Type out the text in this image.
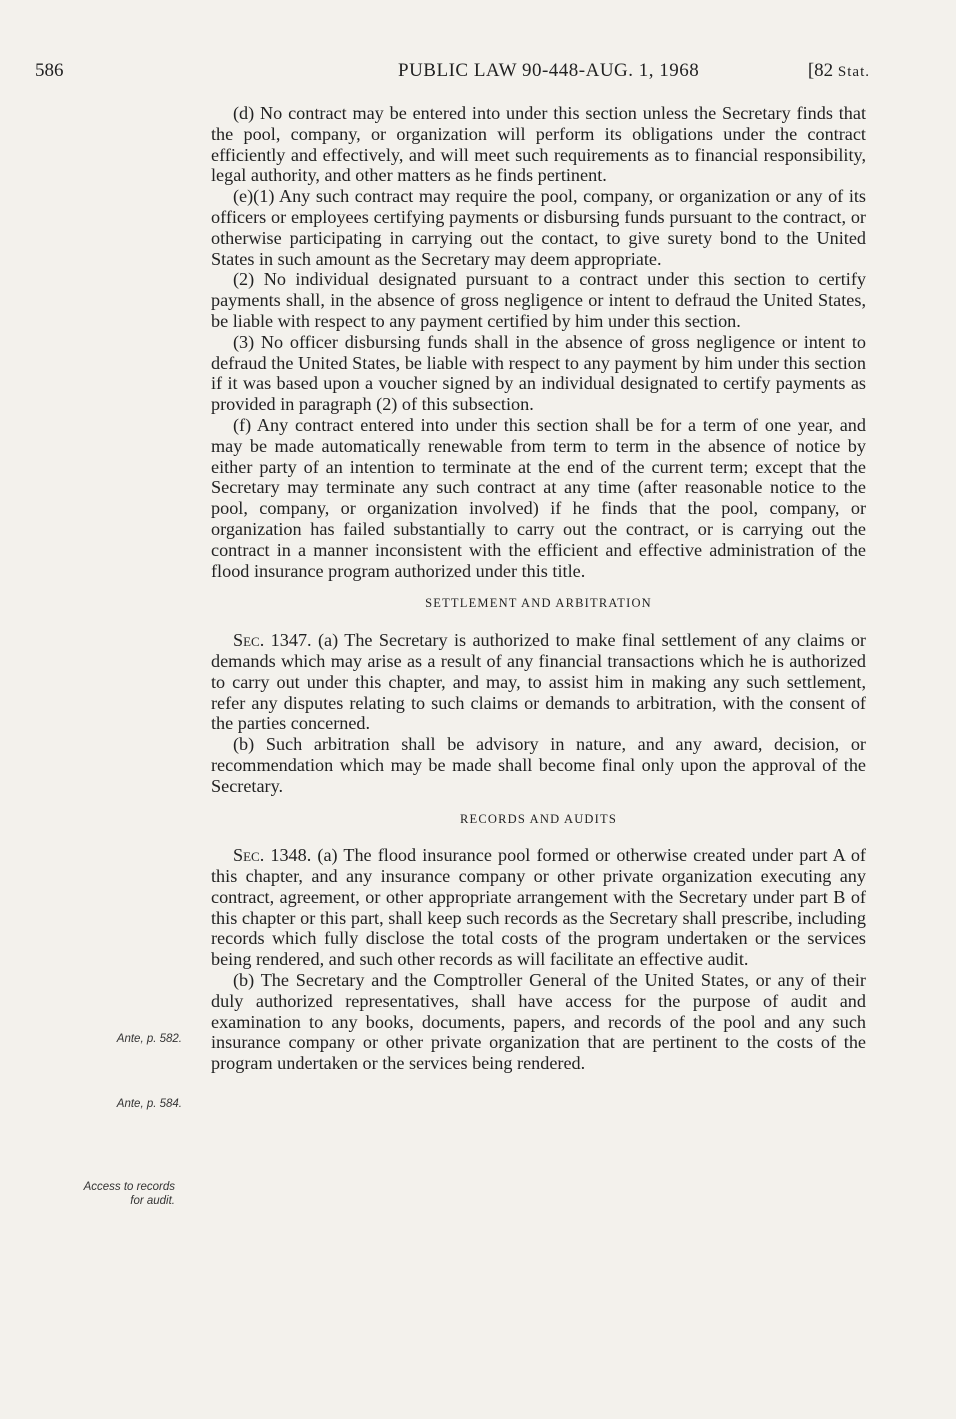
586	PUBLIC LAW 90-448-AUG. 1, 1968	[82 Stat.

(d) No contract may be entered into under this section unless the Secretary finds that the pool, company, or organization will perform its obligations under the contract efficiently and effectively, and will meet such requirements as to financial responsibility, legal authority, and other matters as he finds pertinent.

(e)(1) Any such contract may require the pool, company, or organization or any of its officers or employees certifying payments or disbursing funds pursuant to the contract, or otherwise participating in carrying out the contact, to give surety bond to the United States in such amount as the Secretary may deem appropriate.

(2) No individual designated pursuant to a contract under this section to certify payments shall, in the absence of gross negligence or intent to defraud the United States, be liable with respect to any payment certified by him under this section.

(3) No officer disbursing funds shall in the absence of gross negligence or intent to defraud the United States, be liable with respect to any payment by him under this section if it was based upon a voucher signed by an individual designated to certify payments as provided in paragraph (2) of this subsection.

(f) Any contract entered into under this section shall be for a term of one year, and may be made automatically renewable from term to term in the absence of notice by either party of an intention to terminate at the end of the current term; except that the Secretary may terminate any such contract at any time (after reasonable notice to the pool, company, or organization involved) if he finds that the pool, company, or organization has failed substantially to carry out the contract, or is carrying out the contract in a manner inconsistent with the efficient and effective administration of the flood insurance program authorized under this title.

SETTLEMENT AND ARBITRATION

Sec. 1347. (a) The Secretary is authorized to make final settlement of any claims or demands which may arise as a result of any financial transactions which he is authorized to carry out under this chapter, and may, to assist him in making any such settlement, refer any disputes relating to such claims or demands to arbitration, with the consent of the parties concerned.

(b) Such arbitration shall be advisory in nature, and any award, decision, or recommendation which may be made shall become final only upon the approval of the Secretary.

RECORDS AND AUDITS

Sec. 1348. (a) The flood insurance pool formed or otherwise created under part A of this chapter, and any insurance company or other private organization executing any contract, agreement, or other appropriate arrangement with the Secretary under part B of this chapter or this part, shall keep such records as the Secretary shall prescribe, including records which fully disclose the total costs of the program undertaken or the services being rendered, and such other records as will facilitate an effective audit.

(b) The Secretary and the Comptroller General of the United States, or any of their duly authorized representatives, shall have access for the purpose of audit and examination to any books, documents, papers, and records of the pool and any such insurance company or other private organization that are pertinent to the costs of the program undertaken or the services being rendered.

Ante, p. 582.
Ante, p. 584.
Access to records for audit.
